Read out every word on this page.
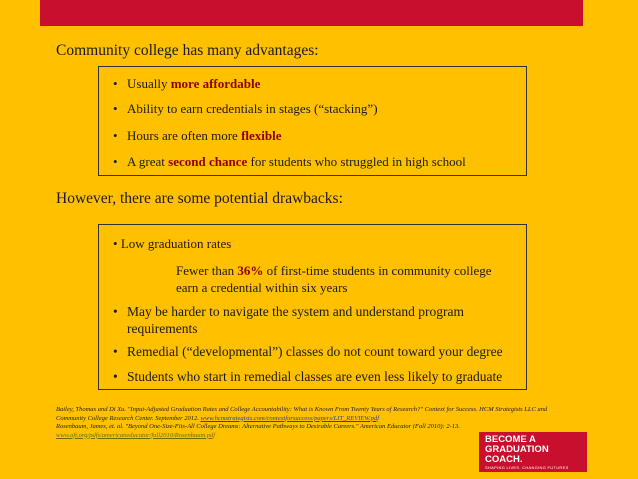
Community college has many advantages:
• Usually more affordable
• Ability to earn credentials in stages (“stacking”)
• Hours are often more flexible
• A great second chance for students who struggled in high school
However, there are some potential drawbacks:
• Low graduation rates
Fewer than 36% of first-time students in community college
earn a credential within six years
• May be harder to navigate the system and understand program requirements
• Remedial (“developmental”) classes do not count toward your degree
• Students who start in remedial classes are even less likely to graduate
Bailey, Thomas and Di Xu. "Input-Adjusted Graduation Rates and College Accountability: What is Known From Twenty Years of Research?" Context for Success. HCM Strategists LLC and Community College Research Center. September 2012. www.hcmstrategists.com/contextforsuccess/papers/LIT_REVIEW.pdf
Rosenbaum, James, et. al. "Beyond One-Size-Fits-All College Dreams: Alternative Pathways to Desirable Careers." American Educator (Fall 2010): 2-13. www.aft.org/pdfs/americaneducator/fall2010/Rosenbaum.pdf	BECOME A
GRADUATION
COACH.
SHAPING LIVES. CHANGING FUTURES
